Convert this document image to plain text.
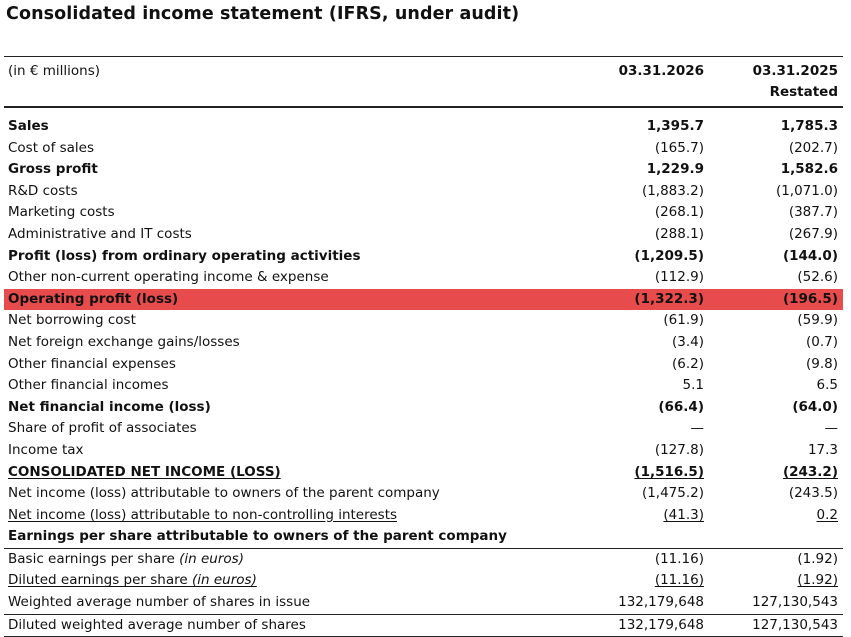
Consolidated income statement (IFRS, under audit)
(in € millions)	03.31.2026	03.31.2025
Restated
Sales	1,395.7	1,785.3
Cost of sales	(165.7)	(202.7)
Gross profit	1,229.9	1,582.6
R&D costs	(1,883.2)	(1,071.0)
Marketing costs	(268.1)	(387.7)
Administrative and IT costs	(288.1)	(267.9)
Profit (loss) from ordinary operating activities	(1,209.5)	(144.0)
Other non-current operating income & expense	(112.9)	(52.6)
Operating profit (loss)	(1,322.3)	(196.5)
Net borrowing cost	(61.9)	(59.9)
Net foreign exchange gains/losses	(3.4)	(0.7)
Other financial expenses	(6.2)	(9.8)
Other financial incomes	5.1	6.5
Net financial income (loss)	(66.4)	(64.0)
Share of profit of associates	—	—
Income tax	(127.8)	17.3
CONSOLIDATED NET INCOME (LOSS)	(1,516.5)	(243.2)
Net income (loss) attributable to owners of the parent company	(1,475.2)	(243.5)
Net income (loss) attributable to non-controlling interests	(41.3)	0.2
Earnings per share attributable to owners of the parent company
Basic earnings per share (in euros)	(11.16)	(1.92)
Diluted earnings per share (in euros)	(11.16)	(1.92)
Weighted average number of shares in issue	132,179,648	127,130,543
Diluted weighted average number of shares	132,179,648	127,130,543
